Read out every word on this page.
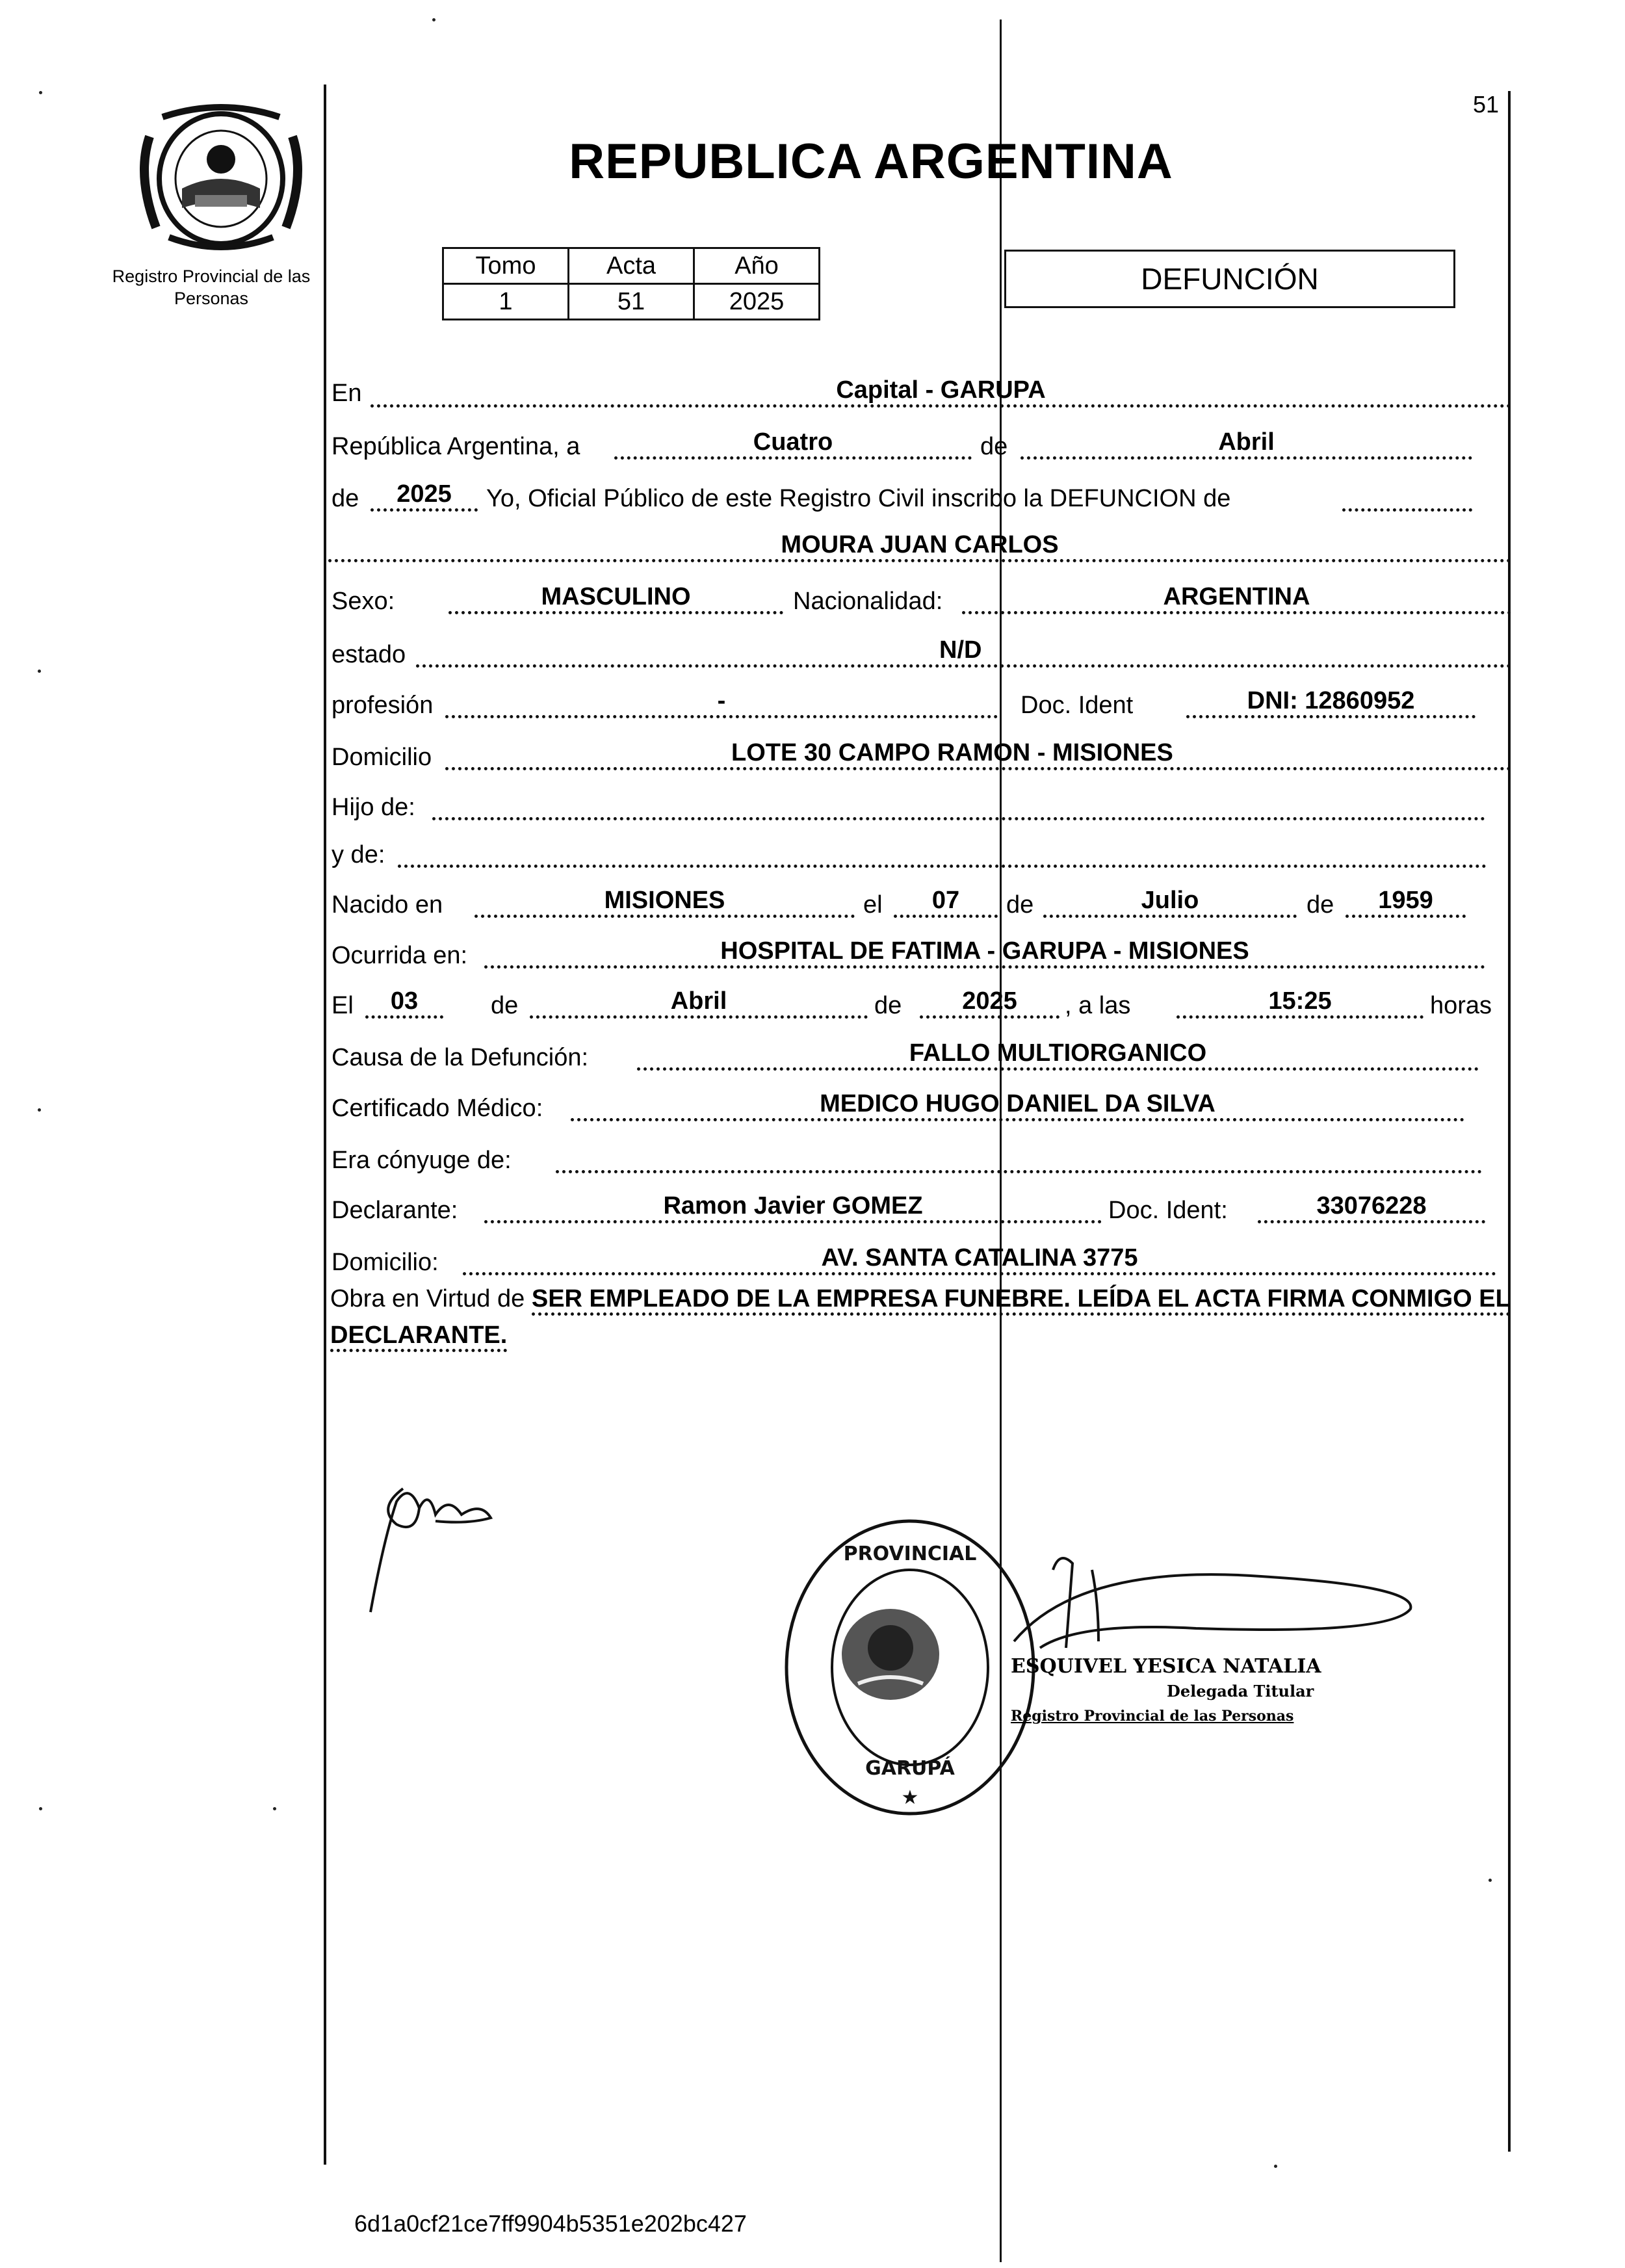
Registro Provincial de las Personas
51
REPUBLICA ARGENTINA
Tomo	Acta	Año
1	51	2025
DEFUNCIÓN
En	Capital - GARUPA
República Argentina, a	Cuatro	de	Abril
de	2025	Yo, Oficial Público de este Registro Civil inscribo la DEFUNCION de
MOURA JUAN CARLOS
Sexo:	MASCULINO	Nacionalidad:	ARGENTINA
estado	N/D
profesión	-	Doc. Ident	DNI: 12860952
Domicilio	LOTE 30 CAMPO RAMON - MISIONES
Hijo de:
y de:
Nacido en	MISIONES	el	07	de	Julio	de	1959
Ocurrida en:	HOSPITAL DE FATIMA - GARUPA - MISIONES
El	03	de	Abril	de	2025	, a las	15:25	horas
Causa de la Defunción:	FALLO MULTIORGANICO
Certificado Médico:	MEDICO HUGO DANIEL DA SILVA
Era cónyuge de:
Declarante:	Ramon Javier GOMEZ	Doc. Ident:	33076228
Domicilio:	AV. SANTA CATALINA 3775
Obra en Virtud de SER EMPLEADO DE LA EMPRESA FUNEBRE. LEÍDA EL ACTA FIRMA CONMIGO EL DECLARANTE.
PROVINCIAL
GARUPÁ
★
ESQUIVEL YESICA NATALIA
Delegada Titular
Registro Provincial de las Personas
6d1a0cf21ce7ff9904b5351e202bc427
